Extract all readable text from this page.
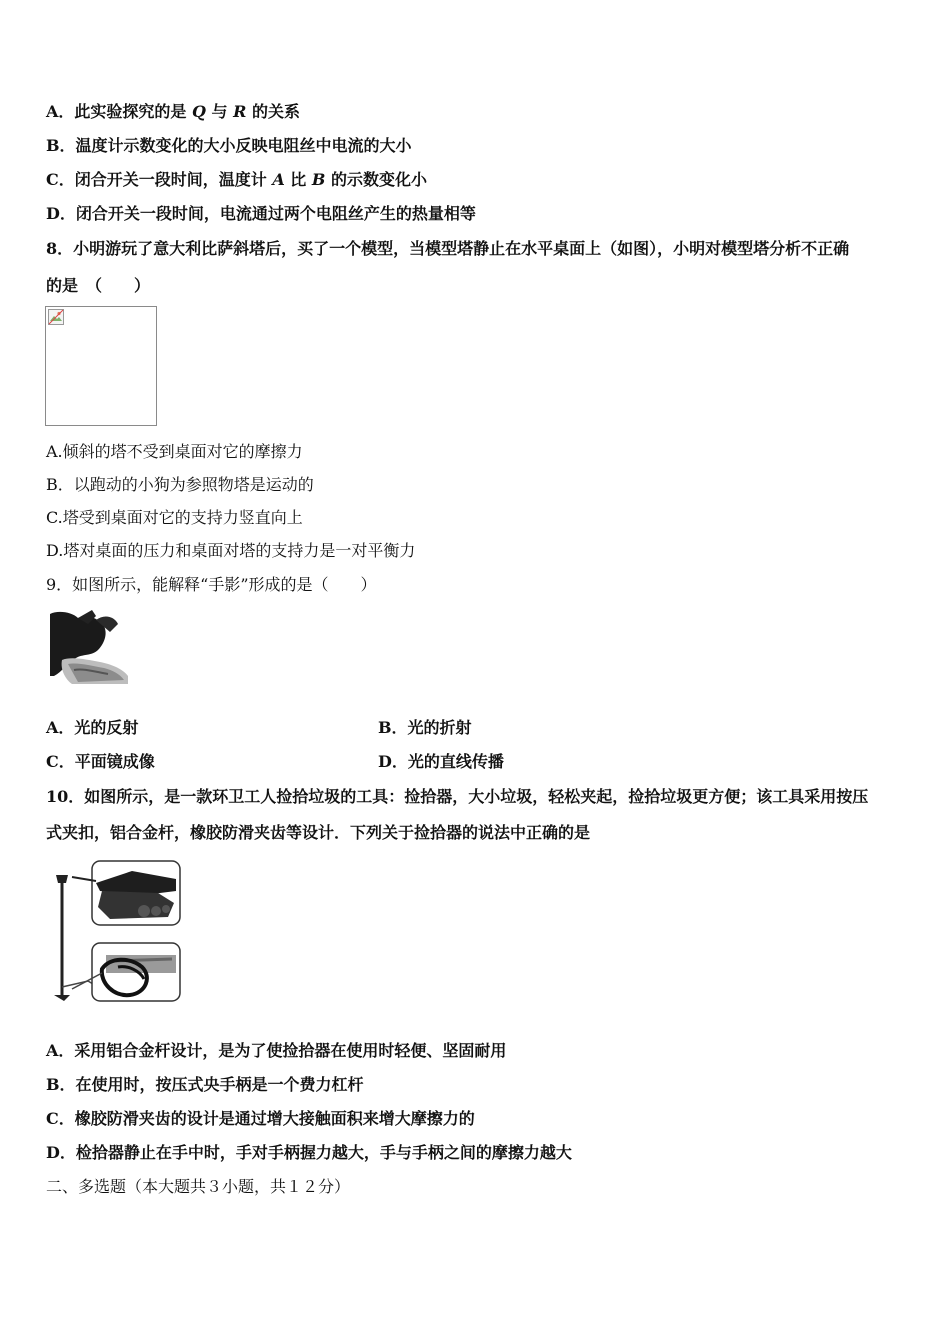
A．此实验探究的是 Q 与 R 的关系
B．温度计示数变化的大小反映电阻丝中电流的大小
C．闭合开关一段时间，温度计 A 比 B 的示数变化小
D．闭合开关一段时间，电流通过两个电阻丝产生的热量相等
8．小明游玩了意大利比萨斜塔后，买了一个模型，当模型塔静止在水平桌面上（如图），小明对模型塔分析不正确
的是　（　　）
A.倾斜的塔不受到桌面对它的摩擦力
B．以跑动的小狗为参照物塔是运动的
C.塔受到桌面对它的支持力竖直向上
D.塔对桌面的压力和桌面对塔的支持力是一对平衡力
9．如图所示，能解释“手影”形成的是（　　）
A．光的反射	B．光的折射
C．平面镜成像	D．光的直线传播
10．如图所示，是一款环卫工人捡拾垃圾的工具：捡拾器，大小垃圾，轻松夹起，捡拾垃圾更方便；该工具采用按压
式夹扣，铝合金杆，橡胶防滑夹齿等设计．下列关于捡拾器的说法中正确的是
A．采用铝合金杆设计，是为了使捡拾器在使用时轻便、坚固耐用
B．在使用时，按压式央手柄是一个费力杠杆
C．橡胶防滑夹齿的设计是通过增大接触面积来增大摩擦力的
D．检拾器静止在手中时，手对手柄握力越大，手与手柄之间的摩擦力越大
二、多选题（本大题共３小题，共１２分）
